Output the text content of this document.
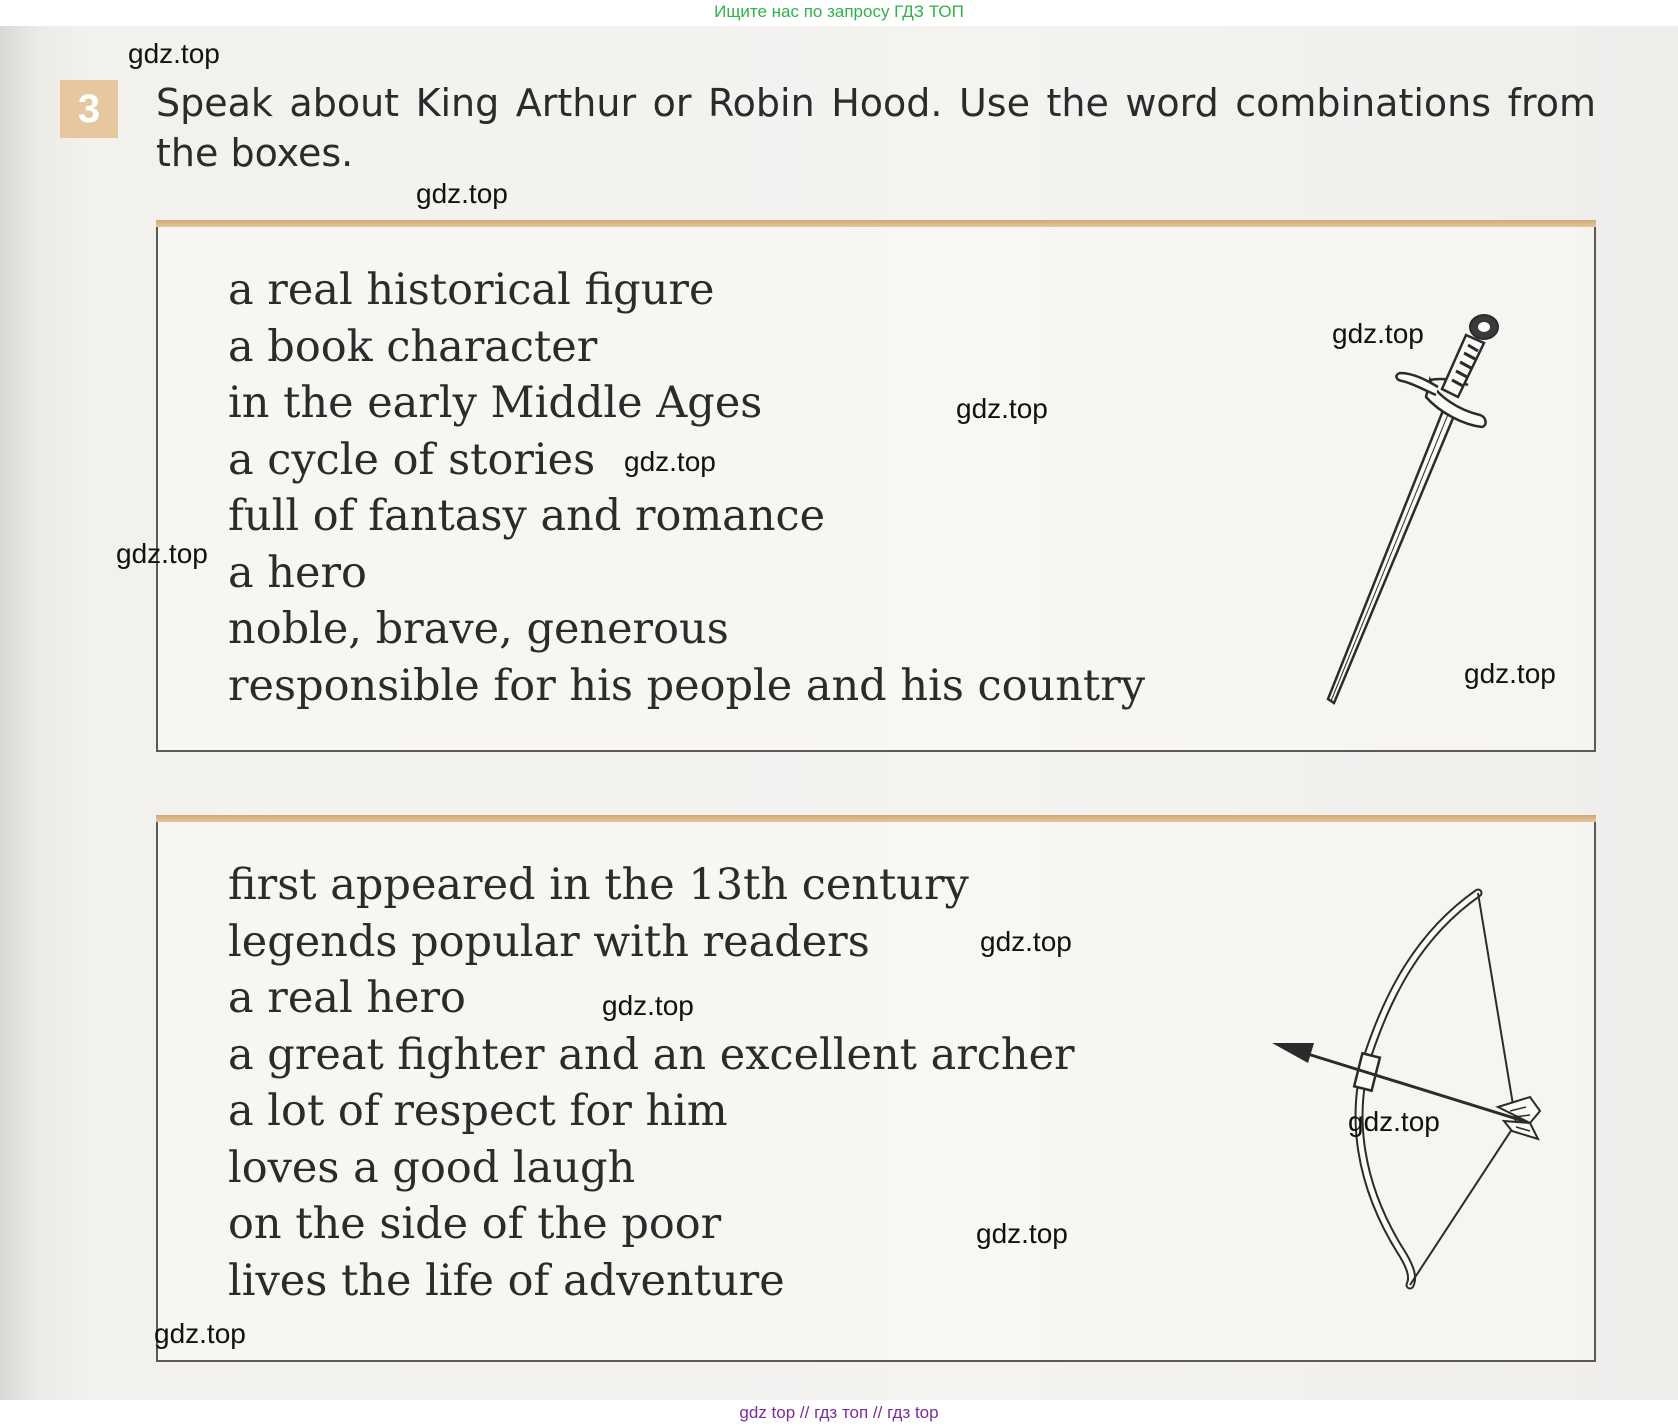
Ищите нас по запросу ГДЗ ТОП
3	Speak about King Arthur or Robin Hood. Use the word combinations from the boxes.
a real historical figure
a book character
in the early Middle Ages
a cycle of stories
full of fantasy and romance
a hero
noble, brave, generous
responsible for his people and his country
first appeared in the 13th century
legends popular with readers
a real hero
a great fighter and an excellent archer
a lot of respect for him
loves a good laugh
on the side of the poor
lives the life of adventure
gdz.top
gdz.top
gdz.top
gdz.top
gdz.top
gdz.top
gdz.top
gdz.top
gdz.top
gdz.top
gdz.top
gdz.top
gdz top // гдз топ // гдз top
